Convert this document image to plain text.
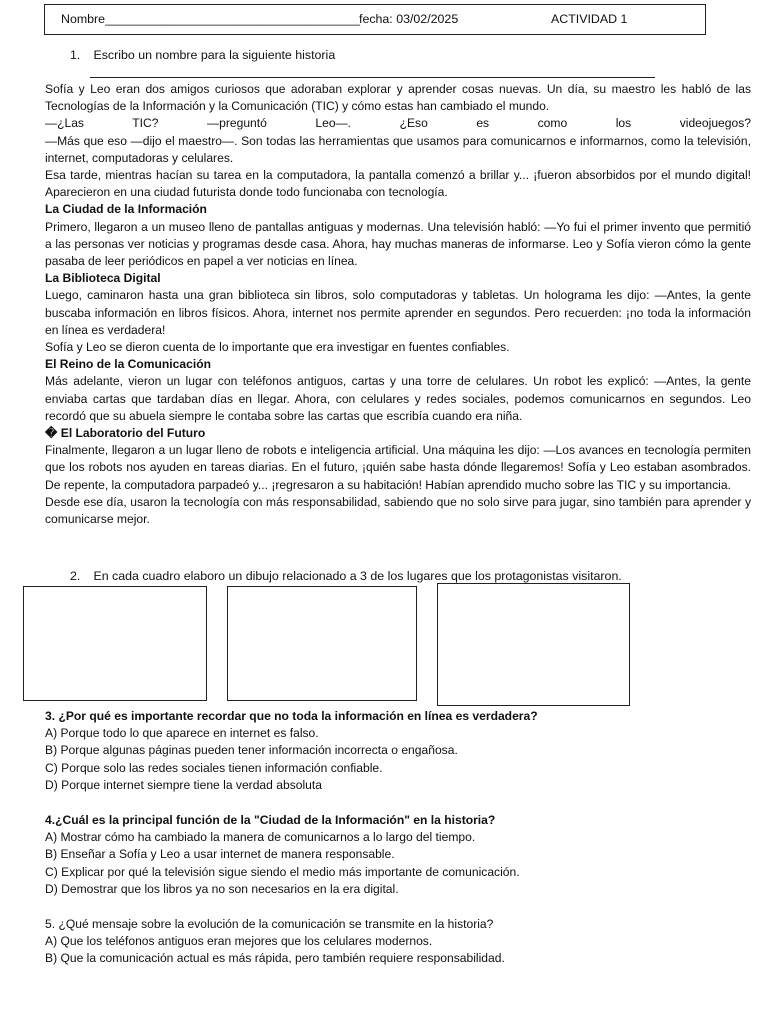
Nombre_____________________________________
fecha: 03/02/2025	ACTIVIDAD 1
1. Escribo un nombre para la siguiente historia

Sofía y Leo eran dos amigos curiosos que adoraban explorar y aprender cosas nuevas. Un día, su maestro les habló de las Tecnologías de la Información y la Comunicación (TIC) y cómo estas han cambiado el mundo.

—¿Las TIC? —preguntó Leo—. ¿Eso es como los videojuegos?

—Más que eso —dijo el maestro—. Son todas las herramientas que usamos para comunicarnos e informarnos, como la televisión, internet, computadoras y celulares.

Esa tarde, mientras hacían su tarea en la computadora, la pantalla comenzó a brillar y... ¡fueron absorbidos por el mundo digital! Aparecieron en una ciudad futurista donde todo funcionaba con tecnología.

La Ciudad de la Información

Primero, llegaron a un museo lleno de pantallas antiguas y modernas. Una televisión habló: —Yo fui el primer invento que permitió a las personas ver noticias y programas desde casa. Ahora, hay muchas maneras de informarse. Leo y Sofía vieron cómo la gente pasaba de leer periódicos en papel a ver noticias en línea.

La Biblioteca Digital

Luego, caminaron hasta una gran biblioteca sin libros, solo computadoras y tabletas. Un holograma les dijo: —Antes, la gente buscaba información en libros físicos. Ahora, internet nos permite aprender en segundos. Pero recuerden: ¡no toda la información en línea es verdadera!

Sofía y Leo se dieron cuenta de lo importante que era investigar en fuentes confiables.

El Reino de la Comunicación

Más adelante, vieron un lugar con teléfonos antiguos, cartas y una torre de celulares. Un robot les explicó: —Antes, la gente enviaba cartas que tardaban días en llegar. Ahora, con celulares y redes sociales, podemos comunicarnos en segundos. Leo recordó que su abuela siempre le contaba sobre las cartas que escribía cuando era niña.

� El Laboratorio del Futuro

Finalmente, llegaron a un lugar lleno de robots e inteligencia artificial. Una máquina les dijo: —Los avances en tecnología permiten que los robots nos ayuden en tareas diarias. En el futuro, ¡quién sabe hasta dónde llegaremos! Sofía y Leo estaban asombrados. De repente, la computadora parpadeó y... ¡regresaron a su habitación! Habían aprendido mucho sobre las TIC y su importancia.

Desde ese día, usaron la tecnología con más responsabilidad, sabiendo que no solo sirve para jugar, sino también para aprender y comunicarse mejor.

2. En cada cuadro elaboro un dibujo relacionado a 3 de los lugares que los protagonistas visitaron.
3. ¿Por qué es importante recordar que no toda la información en línea es verdadera?
A) Porque todo lo que aparece en internet es falso.
B) Porque algunas páginas pueden tener información incorrecta o engañosa.
C) Porque solo las redes sociales tienen información confiable.
D) Porque internet siempre tiene la verdad absoluta
4.¿Cuál es la principal función de la "Ciudad de la Información" en la historia?
A) Mostrar cómo ha cambiado la manera de comunicarnos a lo largo del tiempo.
B) Enseñar a Sofía y Leo a usar internet de manera responsable.
C) Explicar por qué la televisión sigue siendo el medio más importante de comunicación.
D) Demostrar que los libros ya no son necesarios en la era digital.
5. ¿Qué mensaje sobre la evolución de la comunicación se transmite en la historia?
A) Que los teléfonos antiguos eran mejores que los celulares modernos.
B) Que la comunicación actual es más rápida, pero también requiere responsabilidad.
